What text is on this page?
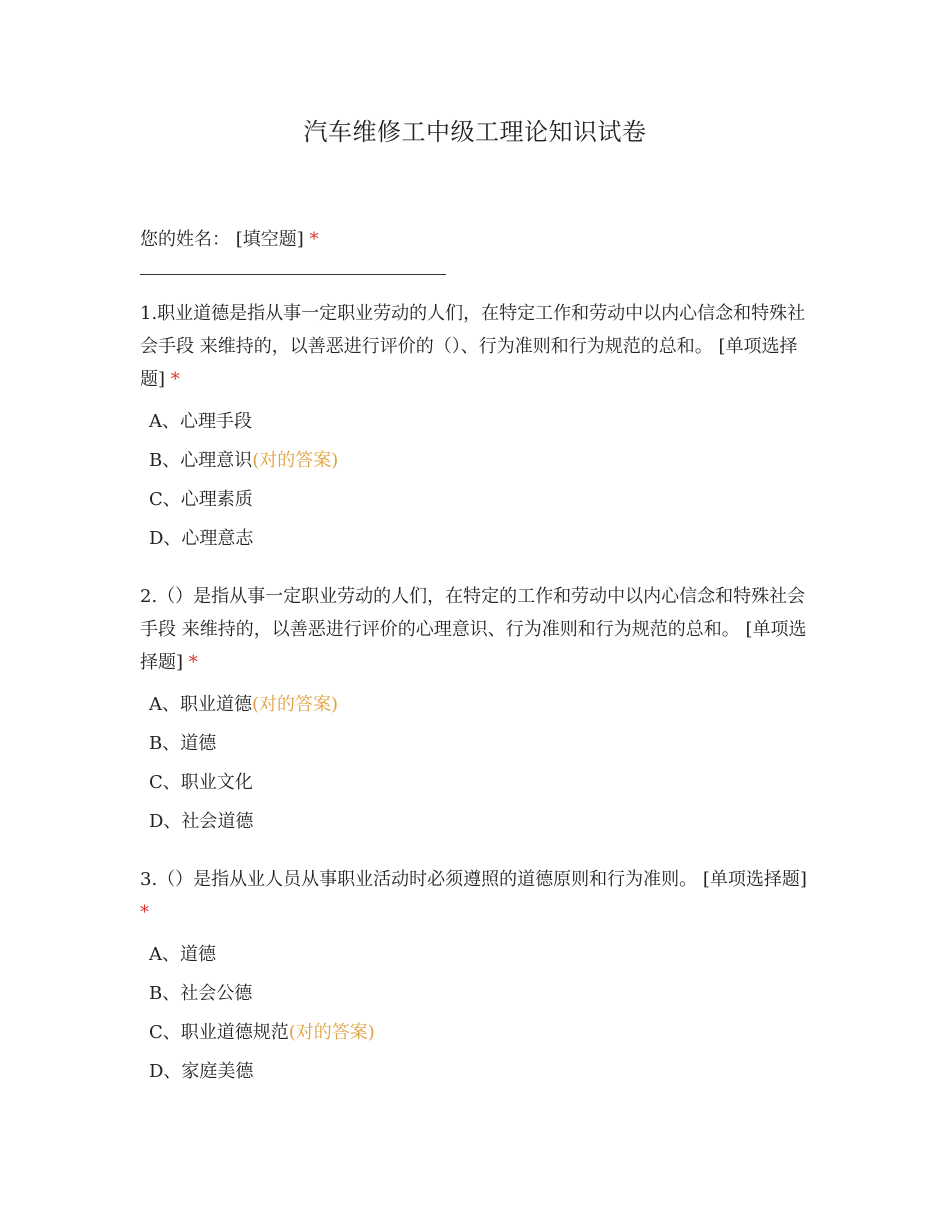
汽车维修工中级工理论知识试卷
您的姓名： [填空题] *
1.职业道德是指从事一定职业劳动的人们，在特定工作和劳动中以内心信念和特殊社会手段 来维持的，以善恶进行评价的（）、行为准则和行为规范的总和。 [单项选择题] *
A、心理手段
B、心理意识(对的答案)
C、心理素质
D、心理意志
2.（）是指从事一定职业劳动的人们，在特定的工作和劳动中以内心信念和特殊社会手段 来维持的，以善恶进行评价的心理意识、行为准则和行为规范的总和。 [单项选择题] *
A、职业道德(对的答案)
B、道德
C、职业文化
D、社会道德
3.（）是指从业人员从事职业活动时必须遵照的道德原则和行为准则。 [单项选择题] *
A、道德
B、社会公德
C、职业道德规范(对的答案)
D、家庭美德
